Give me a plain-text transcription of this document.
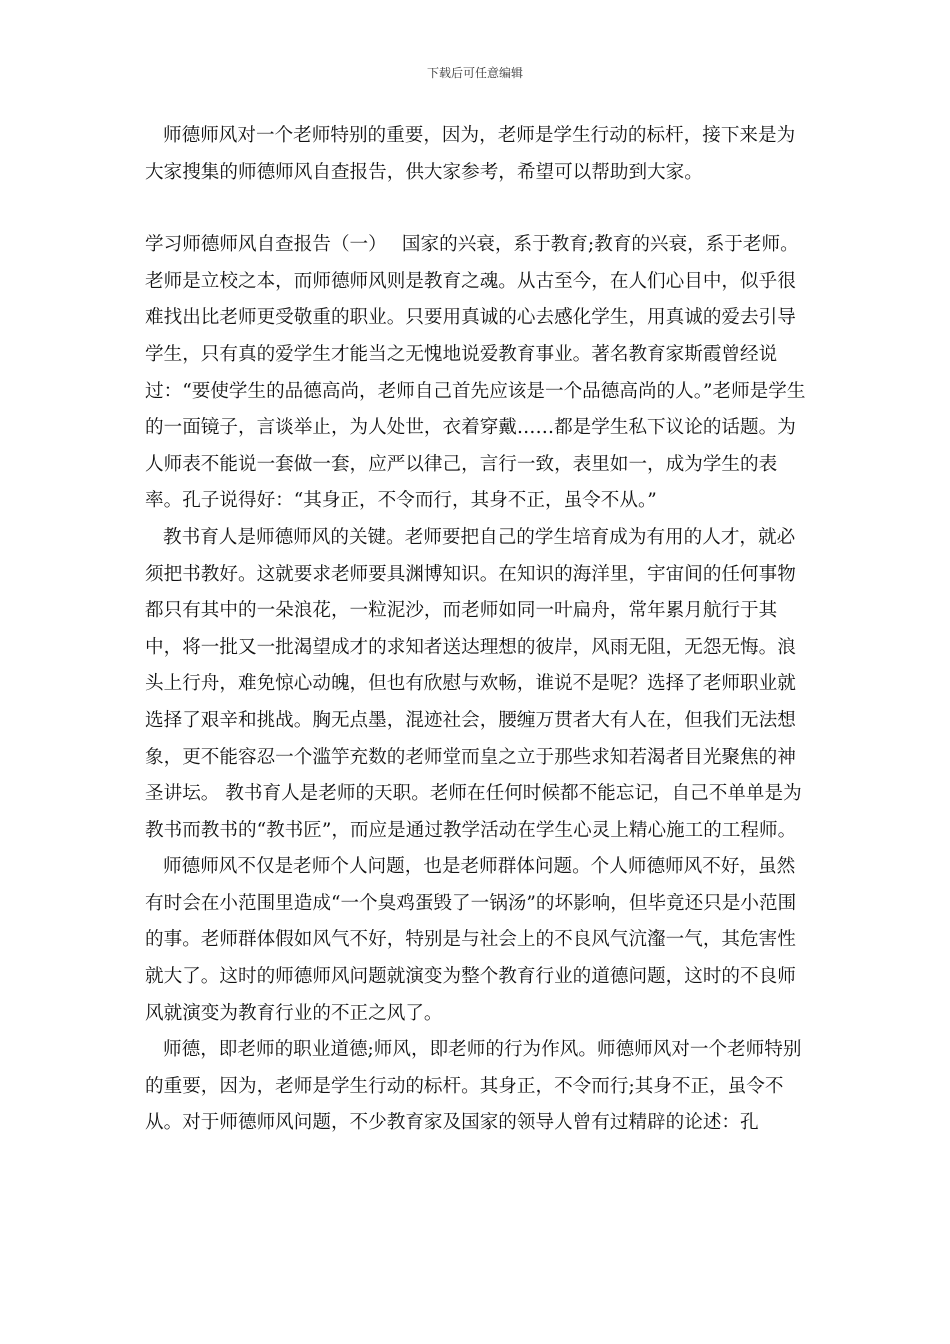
下载后可任意编辑

师德师风对一个老师特别的重要，因为，老师是学生行动的标杆，接下来是为大家搜集的师德师风自查报告，供大家参考，希望可以帮助到大家。

学习师德师风自查报告（一）　 国家的兴衰，系于教育;教育的兴衰，系于老师。 老师是立校之本，而师德师风则是教育之魂。从古至今，在人们心目中，似乎很难找出比老师更受敬重的职业。只要用真诚的心去感化学生，用真诚的爱去引导学生，只有真的爱学生才能当之无愧地说爱教育事业。著名教育家斯霞曾经说过：“要使学生的品德高尚，老师自己首先应该是一个品德高尚的人。”老师是学生的一面镜子，言谈举止，为人处世，衣着穿戴……都是学生私下议论的话题。为人师表不能说一套做一套，应严以律己，言行一致，表里如一，成为学生的表率。孔子说得好：“其身正，不令而行，其身不正，虽令不从。”

教书育人是师德师风的关键。老师要把自己的学生培育成为有用的人才，就必须把书教好。这就要求老师要具渊博知识。在知识的海洋里，宇宙间的任何事物都只有其中的一朵浪花，一粒泥沙，而老师如同一叶扁舟，常年累月航行于其中，将一批又一批渴望成才的求知者送达理想的彼岸，风雨无阻，无怨无悔。浪头上行舟，难免惊心动魄，但也有欣慰与欢畅，谁说不是呢？选择了老师职业就选择了艰辛和挑战。胸无点墨，混迹社会，腰缠万贯者大有人在，但我们无法想象，更不能容忍一个滥竽充数的老师堂而皇之立于那些求知若渴者目光聚焦的神圣讲坛。 教书育人是老师的天职。老师在任何时候都不能忘记，自己不单单是为教书而教书的“教书匠”，而应是通过教学活动在学生心灵上精心施工的工程师。

师德师风不仅是老师个人问题，也是老师群体问题。个人师德师风不好，虽然有时会在小范围里造成“一个臭鸡蛋毁了一锅汤”的坏影响，但毕竟还只是小范围的事。老师群体假如风气不好，特别是与社会上的不良风气沆瀣一气，其危害性就大了。这时的师德师风问题就演变为整个教育行业的道德问题，这时的不良师风就演变为教育行业的不正之风了。

师德，即老师的职业道德;师风，即老师的行为作风。师德师风对一个老师特别的重要，因为，老师是学生行动的标杆。其身正，不令而行;其身不正，虽令不从。对于师德师风问题，不少教育家及国家的领导人曾有过精辟的论述：孔
